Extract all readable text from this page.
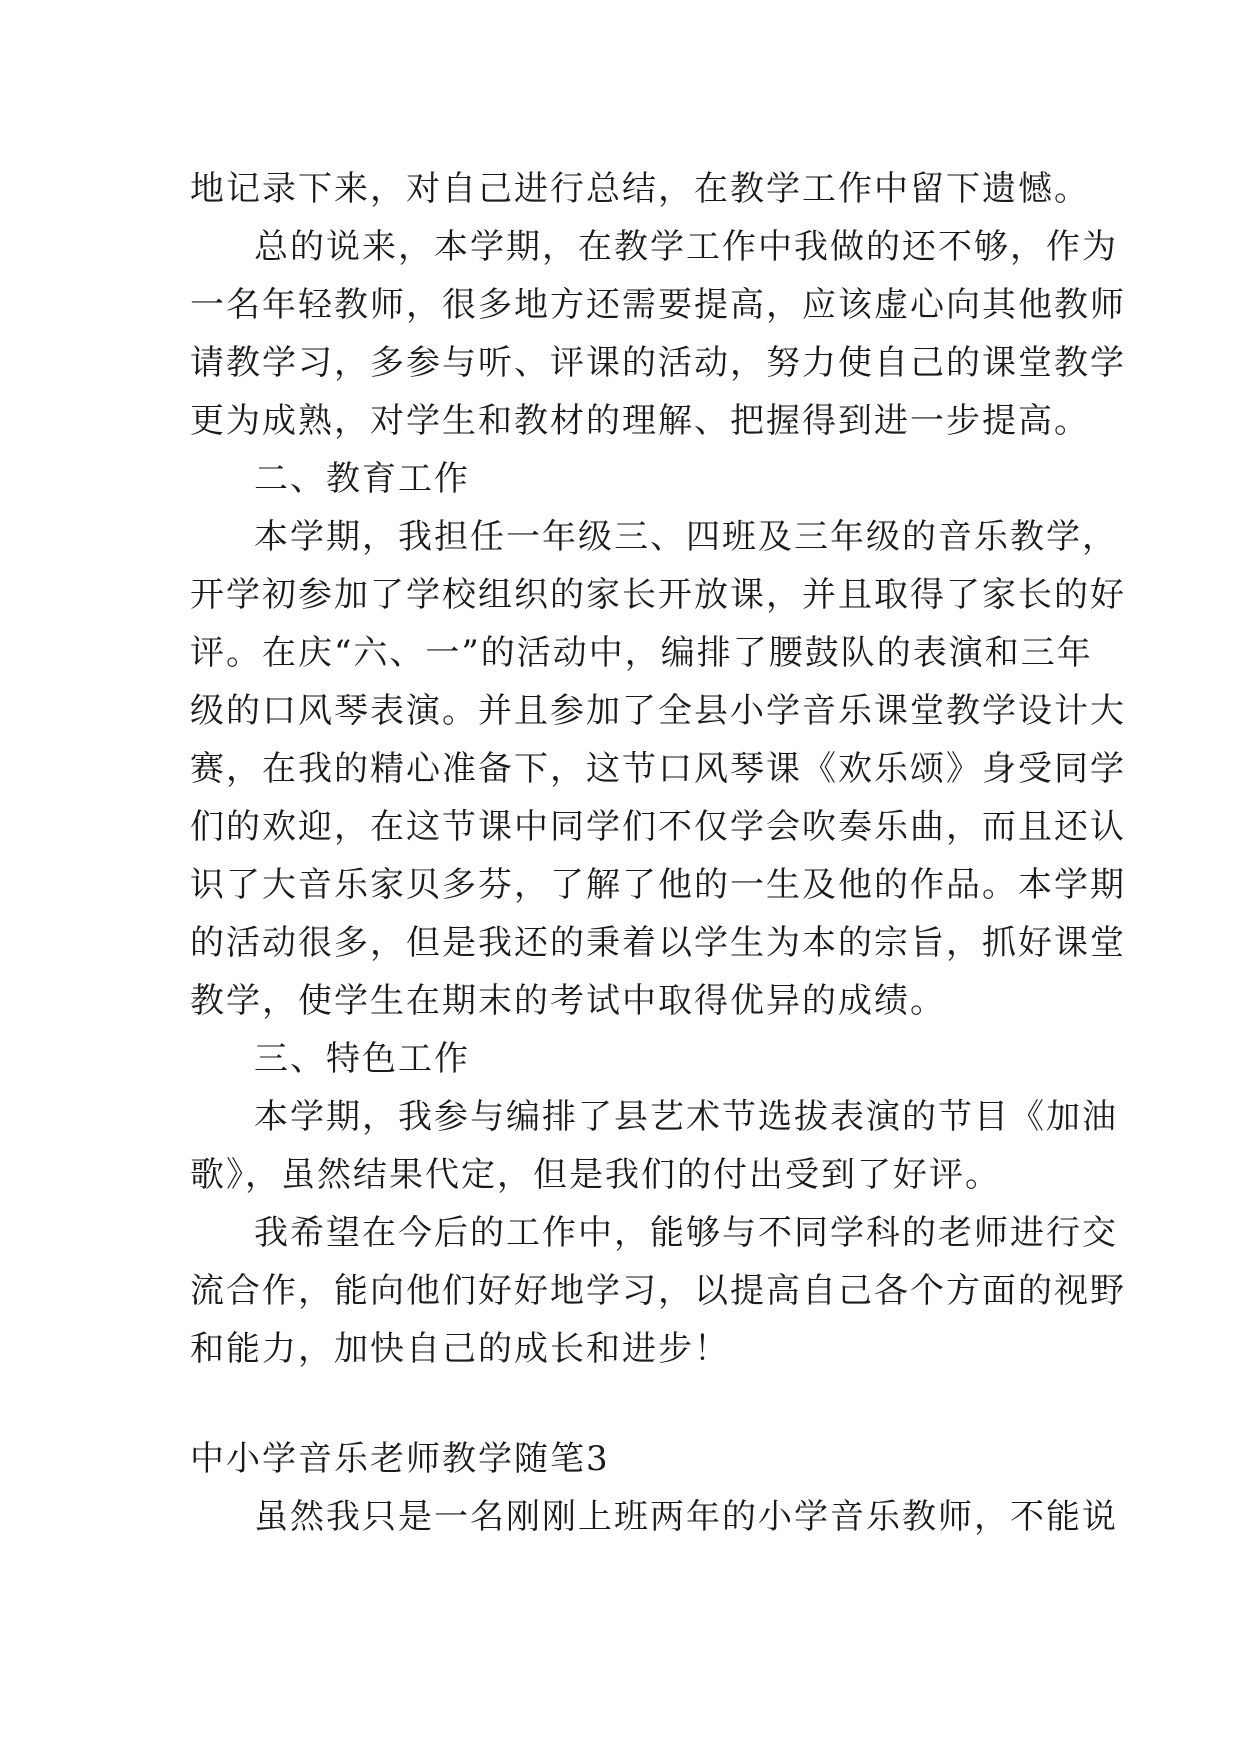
地记录下来，对自己进行总结，在教学工作中留下遗憾。
总的说来，本学期，在教学工作中我做的还不够，作为
一名年轻教师，很多地方还需要提高，应该虚心向其他教师
请教学习，多参与听、评课的活动，努力使自己的课堂教学
更为成熟，对学生和教材的理解、把握得到进一步提高。
二、教育工作
本学期，我担任一年级三、四班及三年级的音乐教学，
开学初参加了学校组织的家长开放课，并且取得了家长的好
评。在庆“六、一”的活动中，编排了腰鼓队的表演和三年
级的口风琴表演。并且参加了全县小学音乐课堂教学设计大
赛，在我的精心准备下，这节口风琴课《欢乐颂》身受同学
们的欢迎，在这节课中同学们不仅学会吹奏乐曲，而且还认
识了大音乐家贝多芬，了解了他的一生及他的作品。本学期
的活动很多，但是我还的秉着以学生为本的宗旨，抓好课堂
教学，使学生在期末的考试中取得优异的成绩。
三、特色工作
本学期，我参与编排了县艺术节选拔表演的节目《加油
歌》，虽然结果代定，但是我们的付出受到了好评。
我希望在今后的工作中，能够与不同学科的老师进行交
流合作，能向他们好好地学习，以提高自己各个方面的视野
和能力，加快自己的成长和进步！
中小学音乐老师教学随笔3
虽然我只是一名刚刚上班两年的小学音乐教师，不能说
